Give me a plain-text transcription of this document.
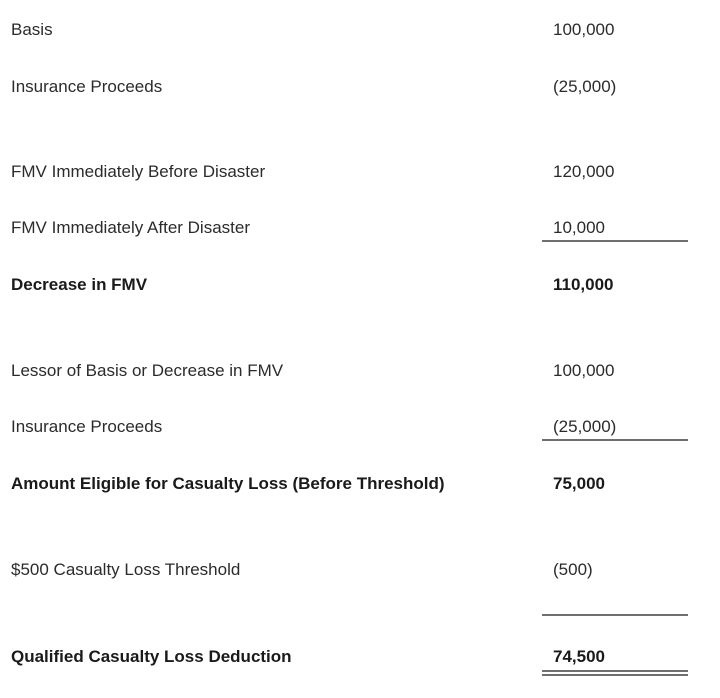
Basis	100,000
Insurance Proceeds	(25,000)
FMV Immediately Before Disaster	120,000
FMV Immediately After Disaster	10,000
Decrease in FMV	110,000
Lessor of Basis or Decrease in FMV	100,000
Insurance Proceeds	(25,000)
Amount Eligible for Casualty Loss (Before Threshold)	75,000
$500 Casualty Loss Threshold	(500)
Qualified Casualty Loss Deduction	74,500
